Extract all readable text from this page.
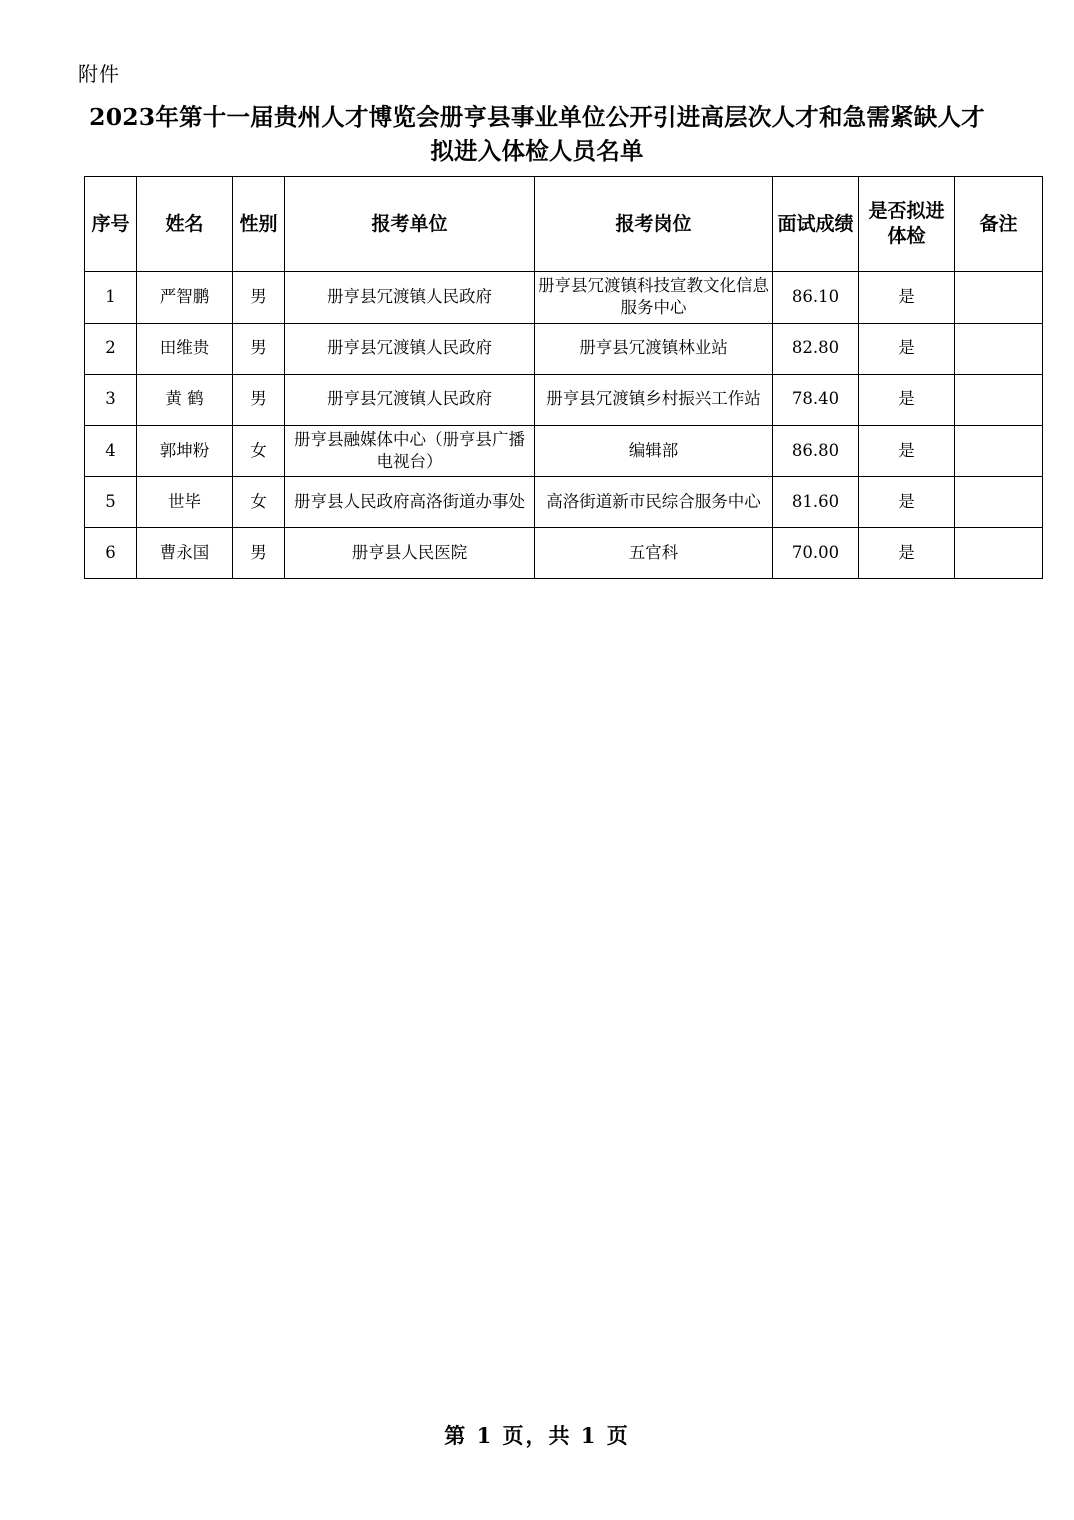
附件
2023年第十一届贵州人才博览会册亨县事业单位公开引进高层次人才和急需紧缺人才拟进入体检人员名单
序号	姓名	性别	报考单位	报考岗位	面试成绩	是否拟进体检	备注
1	严智鹏	男	册亨县冗渡镇人民政府	册亨县冗渡镇科技宣教文化信息服务中心	86.10	是	
2	田维贵	男	册亨县冗渡镇人民政府	册亨县冗渡镇林业站	82.80	是	
3	黄 鹤	男	册亨县冗渡镇人民政府	册亨县冗渡镇乡村振兴工作站	78.40	是	
4	郭坤粉	女	册亨县融媒体中心（册亨县广播电视台）	编辑部	86.80	是	
5	世毕	女	册亨县人民政府高洛街道办事处	高洛街道新市民综合服务中心	81.60	是	
6	曹永国	男	册亨县人民医院	五官科	70.00	是	
第 1 页，共 1 页
